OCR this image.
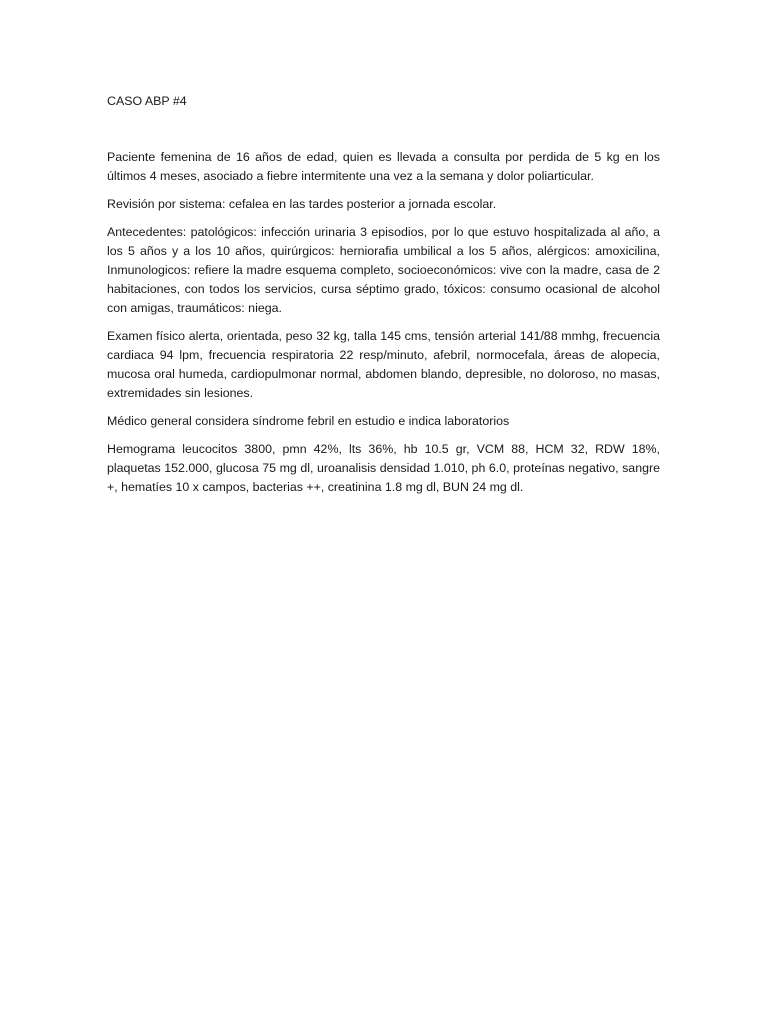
CASO ABP #4

Paciente femenina de 16 años de edad, quien es llevada a consulta por perdida de 5 kg en los últimos 4 meses, asociado a fiebre intermitente una vez a la semana y dolor poliarticular.

Revisión por sistema: cefalea en las tardes posterior a jornada escolar.

Antecedentes: patológicos: infección urinaria 3 episodios, por lo que estuvo hospitalizada al año, a los 5 años y a los 10 años, quirúrgicos: herniorafia umbilical a los 5 años, alérgicos: amoxicilina, Inmunologicos: refiere la madre esquema completo, socioeconómicos: vive con la madre, casa de 2 habitaciones, con todos los servicios, cursa séptimo grado, tóxicos: consumo ocasional de alcohol con amigas, traumáticos: niega.

Examen físico alerta, orientada, peso 32 kg, talla 145 cms, tensión arterial 141/88 mmhg, frecuencia cardiaca 94 lpm, frecuencia respiratoria 22 resp/minuto, afebril, normocefala, áreas de alopecia, mucosa oral humeda, cardiopulmonar normal, abdomen blando, depresible, no doloroso, no masas, extremidades sin lesiones.

Médico general considera síndrome febril en estudio e indica laboratorios

Hemograma leucocitos 3800, pmn 42%, lts 36%, hb 10.5 gr, VCM 88, HCM 32, RDW 18%, plaquetas 152.000, glucosa 75 mg dl, uroanalisis densidad 1.010, ph 6.0, proteínas negativo, sangre +, hematíes 10 x campos, bacterias ++, creatinina 1.8 mg dl, BUN 24 mg dl.
